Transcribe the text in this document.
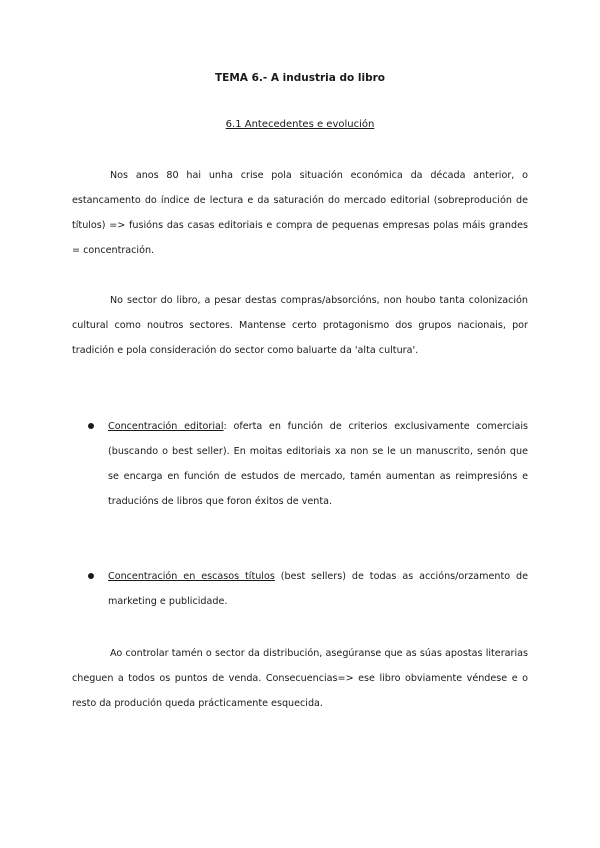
TEMA 6.- A industria do libro
6.1 Antecedentes e evolución

Nos anos 80 hai unha crise pola situación económica da década anterior, o estancamento do índice de lectura e da saturación do mercado editorial (sobreprodución de títulos) => fusións das casas editoriais e compra de pequenas empresas polas máis grandes = concentración.

No sector do libro, a pesar destas compras/absorcións, non houbo tanta colonización cultural como noutros sectores. Mantense certo protagonismo dos grupos nacionais, por tradición e pola consideración do sector como baluarte da 'alta cultura'.

Concentración editorial: oferta en función de criterios exclusivamente comerciais (buscando o best seller). En moitas editoriais xa non se le un manuscrito, senón que se encarga en función de estudos de mercado, tamén aumentan as reimpresións e traducións de libros que foron éxitos de venta.
Concentración en escasos títulos (best sellers) de todas as accións/orzamento de marketing e publicidade.

Ao controlar tamén o sector da distribución, asegúranse que as súas apostas literarias cheguen a todos os puntos de venda. Consecuencias=> ese libro obviamente véndese e o resto da produción queda prácticamente esquecida.
